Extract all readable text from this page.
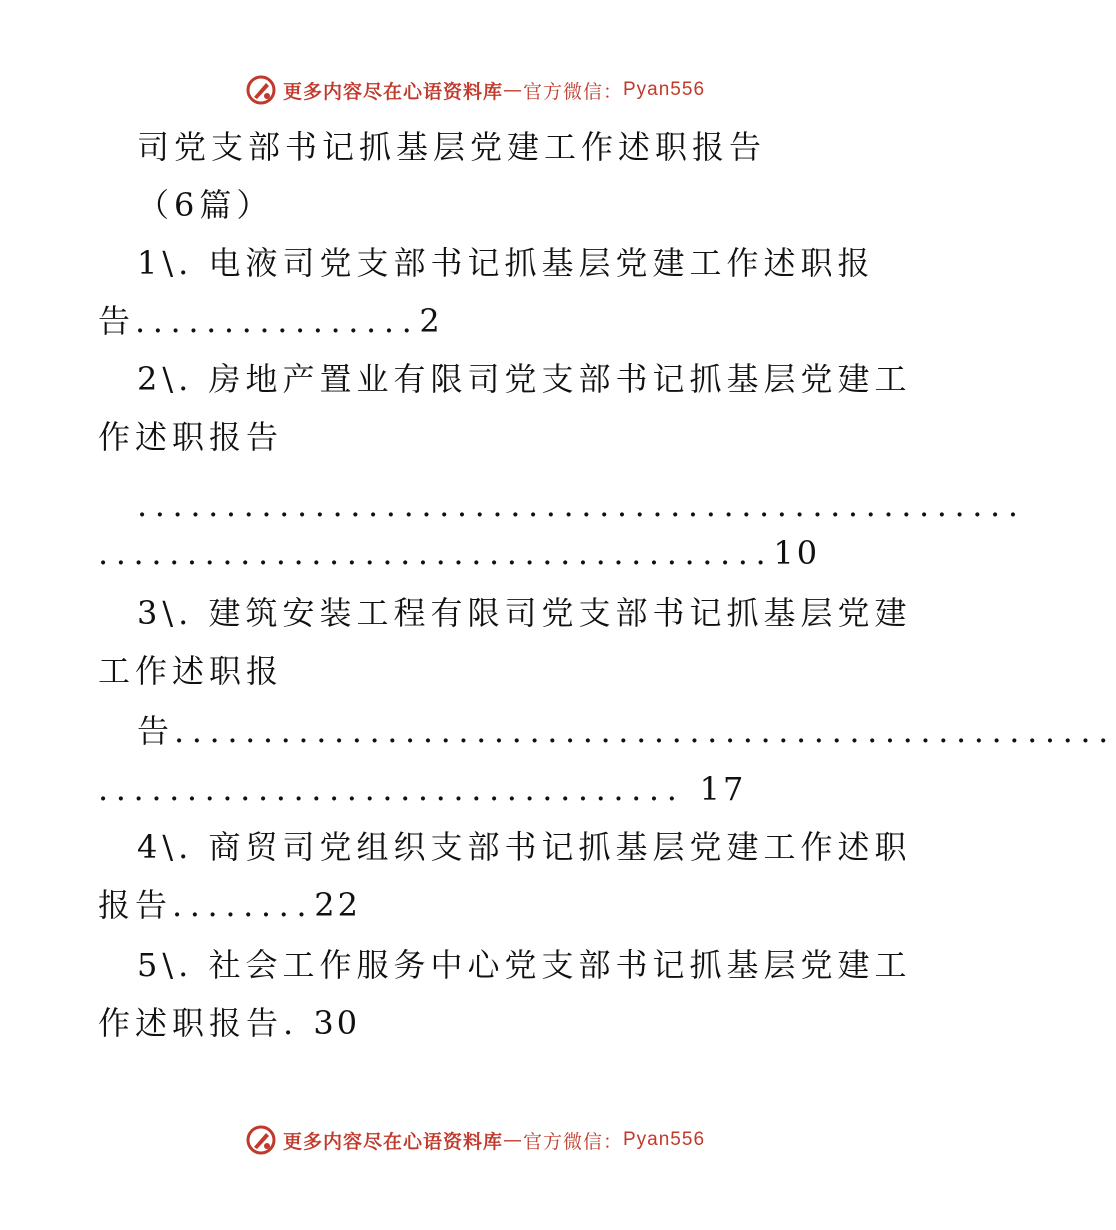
更多内容尽在心语资料库 — 官方微信： Pyan556
司党支部书记抓基层党建工作述职报告
（6篇）
1\. 电液司党支部书记抓基层党建工作述职报
告................2
2\. 房地产置业有限司党支部书记抓基层党建工
作述职报告
..................................................
......................................10
3\. 建筑安装工程有限司党支部书记抓基层党建
工作述职报
告.....................................................
................................. 17
4\. 商贸司党组织支部书记抓基层党建工作述职
报告........22
5\. 社会工作服务中心党支部书记抓基层党建工
作述职报告. 30
更多内容尽在心语资料库 — 官方微信： Pyan556
